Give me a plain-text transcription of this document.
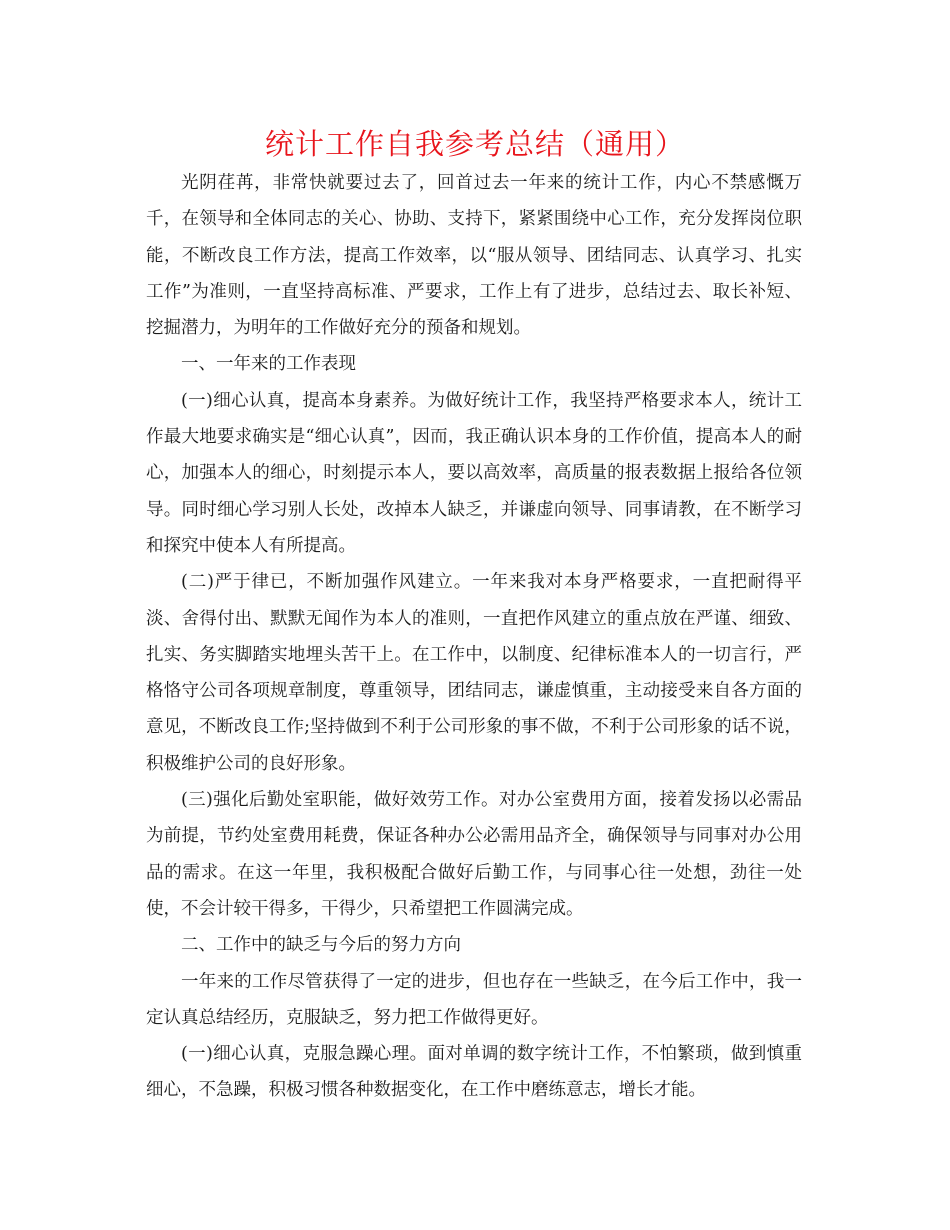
统计工作自我参考总结（通用）

光阴荏苒，非常快就要过去了，回首过去一年来的统计工作，内心不禁感慨万千，在领导和全体同志的关心、协助、支持下，紧紧围绕中心工作，充分发挥岗位职能，不断改良工作方法，提高工作效率，以“服从领导、团结同志、认真学习、扎实工作”为准则，一直坚持高标准、严要求，工作上有了进步，总结过去、取长补短、挖掘潜力，为明年的工作做好充分的预备和规划。

一、一年来的工作表现

(一)细心认真，提高本身素养。为做好统计工作，我坚持严格要求本人，统计工作最大地要求确实是“细心认真”，因而，我正确认识本身的工作价值，提高本人的耐心，加强本人的细心，时刻提示本人，要以高效率，高质量的报表数据上报给各位领导。同时细心学习别人长处，改掉本人缺乏，并谦虚向领导、同事请教，在不断学习和探究中使本人有所提高。

(二)严于律已，不断加强作风建立。一年来我对本身严格要求，一直把耐得平淡、舍得付出、默默无闻作为本人的准则，一直把作风建立的重点放在严谨、细致、扎实、务实脚踏实地埋头苦干上。在工作中，以制度、纪律标准本人的一切言行，严格恪守公司各项规章制度，尊重领导，团结同志，谦虚慎重，主动接受来自各方面的意见，不断改良工作;坚持做到不利于公司形象的事不做，不利于公司形象的话不说，积极维护公司的良好形象。

(三)强化后勤处室职能，做好效劳工作。对办公室费用方面，接着发扬以必需品为前提，节约处室费用耗费，保证各种办公必需用品齐全，确保领导与同事对办公用品的需求。在这一年里，我积极配合做好后勤工作，与同事心往一处想，劲往一处使，不会计较干得多，干得少，只希望把工作圆满完成。

二、工作中的缺乏与今后的努力方向

一年来的工作尽管获得了一定的进步，但也存在一些缺乏，在今后工作中，我一定认真总结经历，克服缺乏，努力把工作做得更好。

(一)细心认真，克服急躁心理。面对单调的数字统计工作，不怕繁琐，做到慎重细心，不急躁，积极习惯各种数据变化，在工作中磨练意志，增长才能。
